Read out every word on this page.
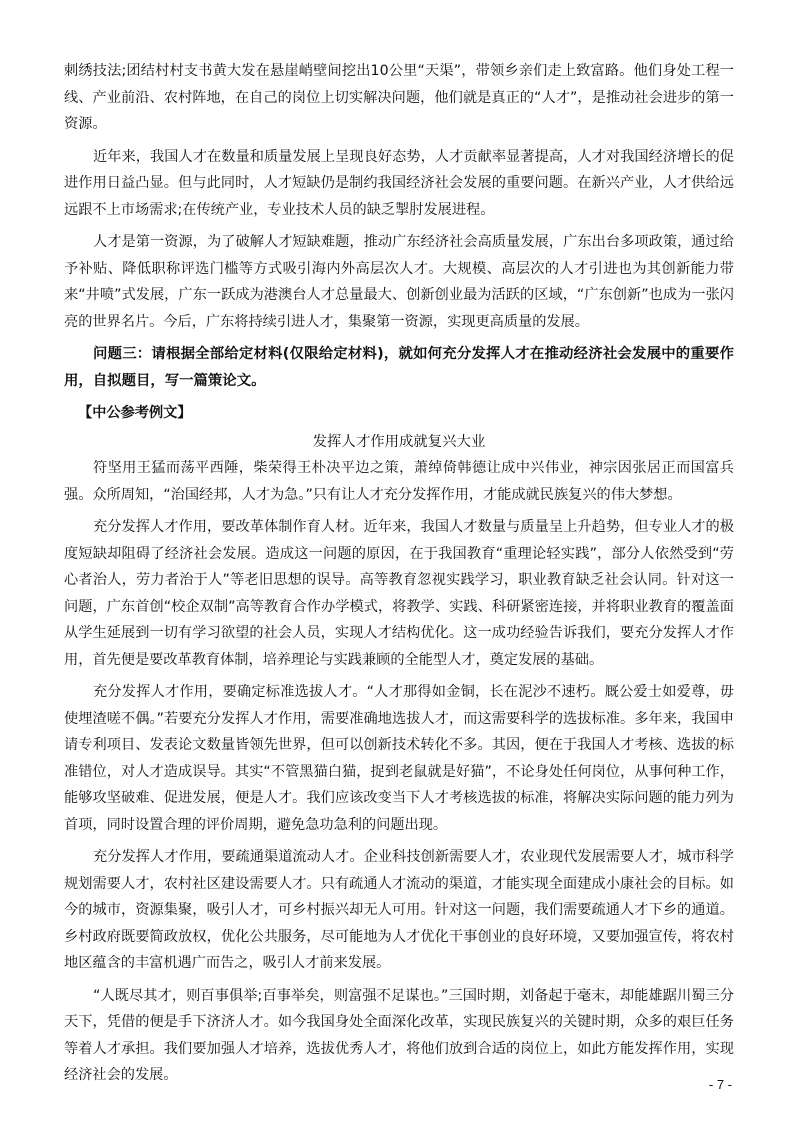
刺绣技法;团结村村支书黄大发在悬崖峭壁间挖出10公里“天渠”，带领乡亲们走上致富路。他们身处工程一线、产业前沿、农村阵地，在自己的岗位上切实解决问题，他们就是真正的“人才”，是推动社会进步的第一资源。

近年来，我国人才在数量和质量发展上呈现良好态势，人才贡献率显著提高，人才对我国经济增长的促进作用日益凸显。但与此同时，人才短缺仍是制约我国经济社会发展的重要问题。在新兴产业，人才供给远远跟不上市场需求;在传统产业，专业技术人员的缺乏掣肘发展进程。

人才是第一资源，为了破解人才短缺难题，推动广东经济社会高质量发展，广东出台多项政策，通过给予补贴、降低职称评选门槛等方式吸引海内外高层次人才。大规模、高层次的人才引进也为其创新能力带来“井喷”式发展，广东一跃成为港澳台人才总量最大、创新创业最为活跃的区域，“广东创新”也成为一张闪亮的世界名片。今后，广东将持续引进人才，集聚第一资源，实现更高质量的发展。

问题三：请根据全部给定材料(仅限给定材料)，就如何充分发挥人才在推动经济社会发展中的重要作用，自拟题目，写一篇策论文。

【中公参考例文】

发挥人才作用成就复兴大业

符坚用王猛而荡平西陲，柴荣得王朴决平边之策，萧绰倚韩德让成中兴伟业，神宗因张居正而国富兵强。众所周知，“治国经邦，人才为急。”只有让人才充分发挥作用，才能成就民族复兴的伟大梦想。

充分发挥人才作用，要改革体制作育人材。近年来，我国人才数量与质量呈上升趋势，但专业人才的极度短缺却阻碍了经济社会发展。造成这一问题的原因，在于我国教育“重理论轻实践”，部分人依然受到“劳心者治人，劳力者治于人”等老旧思想的误导。高等教育忽视实践学习，职业教育缺乏社会认同。针对这一问题，广东首创“校企双制”高等教育合作办学模式，将教学、实践、科研紧密连接，并将职业教育的覆盖面从学生延展到一切有学习欲望的社会人员，实现人才结构优化。这一成功经验告诉我们，要充分发挥人才作用，首先便是要改革教育体制，培养理论与实践兼顾的全能型人才，奠定发展的基础。

充分发挥人才作用，要确定标准选拔人才。“人才那得如金铜，长在泥沙不速朽。厩公爱士如爱尊，毋使埋渣嗟不偶。”若要充分发挥人才作用，需要准确地选拔人才，而这需要科学的选拔标准。多年来，我国申请专利项目、发表论文数量皆领先世界，但可以创新技术转化不多。其因，便在于我国人才考核、选拔的标准错位，对人才造成误导。其实“不管黑猫白猫，捉到老鼠就是好猫”，不论身处任何岗位，从事何种工作，能够攻坚破难、促进发展，便是人才。我们应该改变当下人才考核选拔的标准，将解决实际问题的能力列为首项，同时设置合理的评价周期，避免急功急利的问题出现。

充分发挥人才作用，要疏通渠道流动人才。企业科技创新需要人才，农业现代发展需要人才，城市科学规划需要人才，农村社区建设需要人才。只有疏通人才流动的渠道，才能实现全面建成小康社会的目标。如今的城市，资源集聚，吸引人才，可乡村振兴却无人可用。针对这一问题，我们需要疏通人才下乡的通道。乡村政府既要简政放权，优化公共服务，尽可能地为人才优化干事创业的良好环境，又要加强宣传，将农村地区蕴含的丰富机遇广而告之，吸引人才前来发展。

“人既尽其才，则百事俱举;百事举矣，则富强不足谋也。”三国时期，刘备起于毫末，却能雄踞川蜀三分天下，凭借的便是手下济济人才。如今我国身处全面深化改革，实现民族复兴的关键时期，众多的艰巨任务等着人才承担。我们要加强人才培养，选拔优秀人才，将他们放到合适的岗位上，如此方能发挥作用，实现经济社会的发展。

- 7 -
